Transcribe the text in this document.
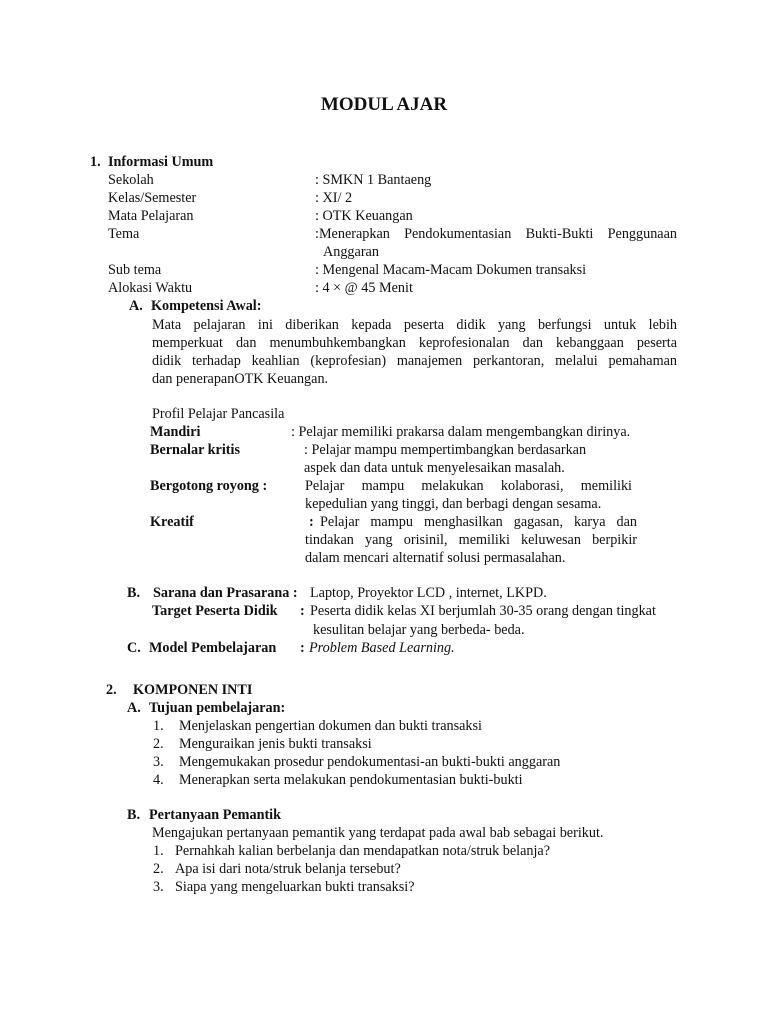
MODUL AJAR
1. Informasi Umum
Sekolah	: SMKN 1 Bantaeng
Kelas/Semester	: XI/ 2
Mata Pelajaran	: OTK Keuangan
Tema	:Menerapkan Pendokumentasian Bukti-Bukti Penggunaan
Anggaran
Sub tema	: Mengenal Macam-Macam Dokumen transaksi
Alokasi Waktu	: 4 × @ 45 Menit
A. Kompetensi Awal:
Mata pelajaran ini diberikan kepada peserta didik yang berfungsi untuk lebih
memperkuat dan menumbuhkembangkan keprofesionalan dan kebanggaan peserta
didik terhadap keahlian (keprofesian) manajemen perkantoran, melalui pemahaman
dan penerapanOTK Keuangan.
Profil Pelajar Pancasila
Mandiri	: Pelajar memiliki prakarsa dalam mengembangkan dirinya.
Bernalar kritis	: Pelajar mampu mempertimbangkan berdasarkan
aspek dan data untuk menyelesaikan masalah.
Bergotong royong :	Pelajar mampu melakukan kolaborasi, memiliki
kepedulian yang tinggi, dan berbagi dengan sesama.
Kreatif	: Pelajar mampu menghasilkan gagasan, karya dan
tindakan yang orisinil, memiliki keluwesan berpikir
dalam mencari alternatif solusi permasalahan.
B. Sarana dan Prasarana : Laptop, Proyektor LCD , internet, LKPD.
Target Peserta Didik : Peserta didik kelas XI berjumlah 30-35 orang dengan tingkat
kesulitan belajar yang berbeda- beda.
C. Model Pembelajaran : Problem Based Learning.
2. KOMPONEN INTI
A. Tujuan pembelajaran:
1. Menjelaskan pengertian dokumen dan bukti transaksi
2. Menguraikan jenis bukti transaksi
3. Mengemukakan prosedur pendokumentasi-an bukti-bukti anggaran
4. Menerapkan serta melakukan pendokumentasian bukti-bukti
B. Pertanyaan Pemantik
Mengajukan pertanyaan pemantik yang terdapat pada awal bab sebagai berikut.
1. Pernahkah kalian berbelanja dan mendapatkan nota/struk belanja?
2. Apa isi dari nota/struk belanja tersebut?
3. Siapa yang mengeluarkan bukti transaksi?
